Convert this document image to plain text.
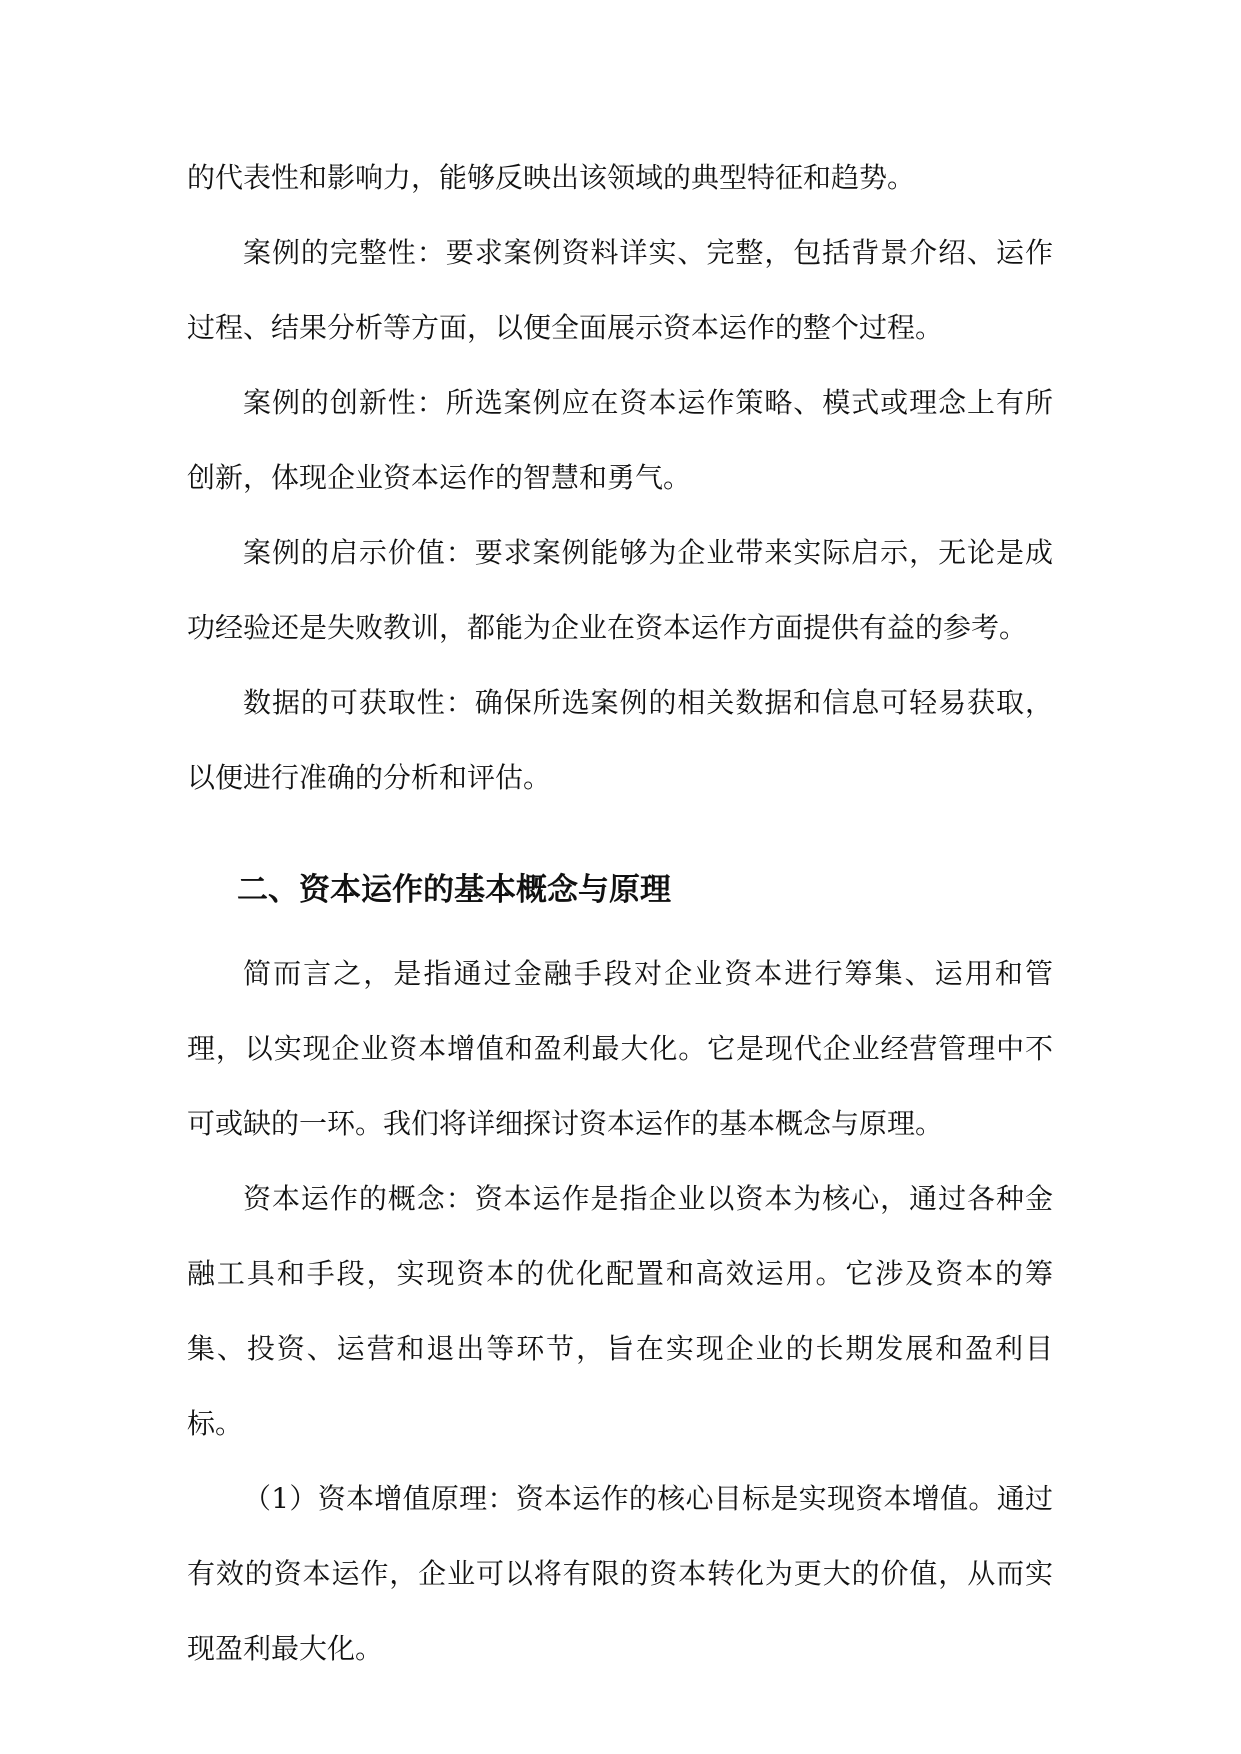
的代表性和影响力，能够反映出该领域的典型特征和趋势。

案例的完整性：要求案例资料详实、完整，包括背景介绍、运作过程、结果分析等方面，以便全面展示资本运作的整个过程。

案例的创新性：所选案例应在资本运作策略、模式或理念上有所创新，体现企业资本运作的智慧和勇气。

案例的启示价值：要求案例能够为企业带来实际启示，无论是成功经验还是失败教训，都能为企业在资本运作方面提供有益的参考。

数据的可获取性：确保所选案例的相关数据和信息可轻易获取，以便进行准确的分析和评估。

二、资本运作的基本概念与原理

简而言之，是指通过金融手段对企业资本进行筹集、运用和管理，以实现企业资本增值和盈利最大化。它是现代企业经营管理中不可或缺的一环。我们将详细探讨资本运作的基本概念与原理。

资本运作的概念：资本运作是指企业以资本为核心，通过各种金融工具和手段，实现资本的优化配置和高效运用。它涉及资本的筹集、投资、运营和退出等环节，旨在实现企业的长期发展和盈利目标。

（1）资本增值原理：资本运作的核心目标是实现资本增值。通过有效的资本运作，企业可以将有限的资本转化为更大的价值，从而实现盈利最大化。
